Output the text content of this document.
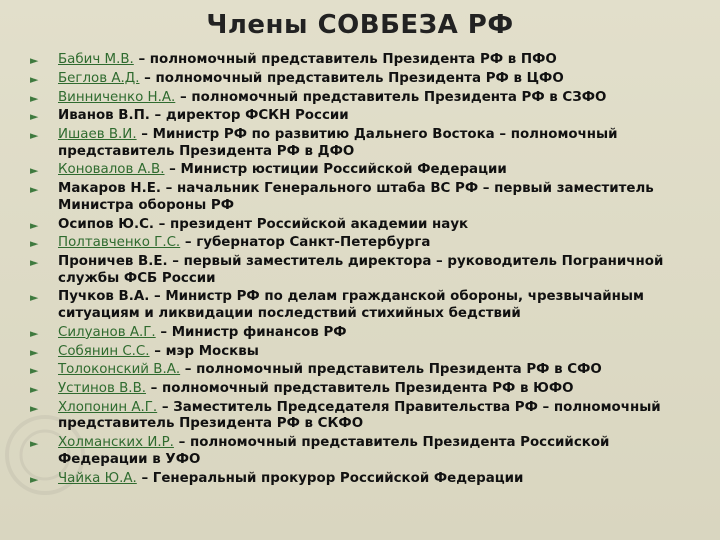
Члены СОВБЕЗА РФ
► Бабич М.В. – полномочный представитель Президента РФ в ПФО
► Беглов А.Д. – полномочный представитель Президента РФ в ЦФО
► Винниченко Н.А. – полномочный представитель Президента РФ в СЗФО
► Иванов В.П. – директор ФСКН России
► Ишаев В.И. – Министр РФ по развитию Дальнего Востока – полномочный представитель Президента РФ в ДФО
► Коновалов А.В. – Министр юстиции Российской Федерации
► Макаров Н.Е. – начальник Генерального штаба ВС РФ – первый заместитель Министра обороны РФ
► Осипов Ю.С. – президент Российской академии наук
► Полтавченко Г.С. – губернатор Санкт-Петербурга
► Проничев В.Е. – первый заместитель директора – руководитель Пограничной службы ФСБ России
► Пучков В.А. – Министр РФ по делам гражданской обороны, чрезвычайным ситуациям и ликвидации последствий стихийных бедствий
► Силуанов А.Г. – Министр финансов РФ
► Собянин С.С. – мэр Москвы
► Толоконский В.А. – полномочный представитель Президента РФ в СФО
► Устинов В.В. – полномочный представитель Президента РФ в ЮФО
► Хлопонин А.Г. – Заместитель Председателя Правительства РФ – полномочный представитель Президента РФ в СКФО
► Холманских И.Р. – полномочный представитель Президента Российской Федерации в УФО
► Чайка Ю.А. – Генеральный прокурор Российской Федерации
